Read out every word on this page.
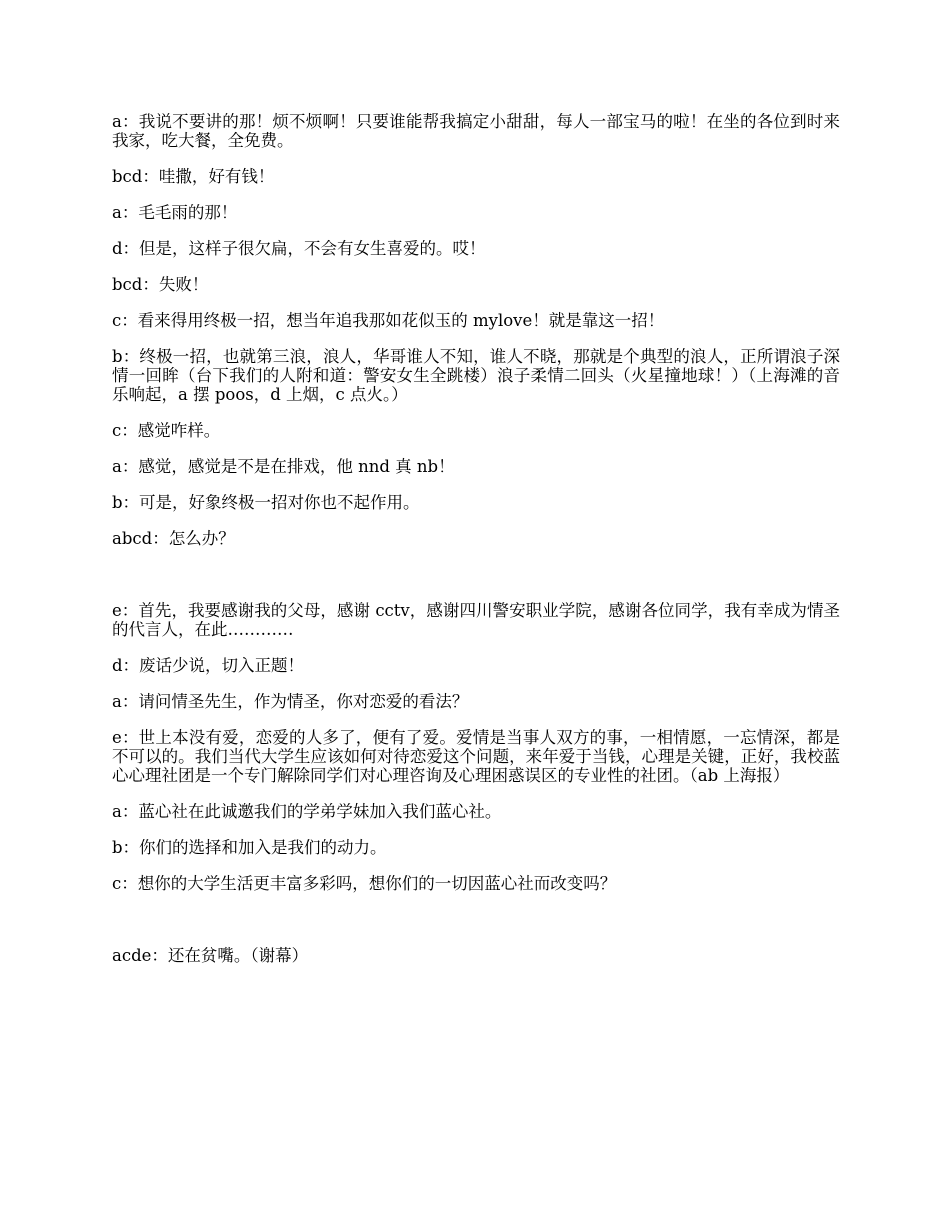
a：我说不要讲的那！烦不烦啊！只要谁能帮我搞定小甜甜，每人一部宝马的啦！在坐的各位到时来我家，吃大餐，全免费。

bcd：哇撒，好有钱！

a：毛毛雨的那！

d：但是，这样子很欠扁，不会有女生喜爱的。哎！

bcd：失败！

c：看来得用终极一招，想当年追我那如花似玉的 mylove！就是靠这一招！

b：终极一招，也就第三浪，浪人，华哥谁人不知，谁人不晓，那就是个典型的浪人，正所谓浪子深情一回眸（台下我们的人附和道：警安女生全跳楼）浪子柔情二回头（火星撞地球！）（上海滩的音乐响起，a 摆 poos，d 上烟，c 点火。）

c：感觉咋样。

a：感觉，感觉是不是在排戏，他 nnd 真 nb！

b：可是，好象终极一招对你也不起作用。

abcd：怎么办？

e：首先，我要感谢我的父母，感谢 cctv，感谢四川警安职业学院，感谢各位同学，我有幸成为情圣的代言人，在此…………

d：废话少说，切入正题！

a：请问情圣先生，作为情圣，你对恋爱的看法？

e：世上本没有爱，恋爱的人多了，便有了爱。爱情是当事人双方的事，一相情愿，一忘情深，都是不可以的。我们当代大学生应该如何对待恋爱这个问题，来年爱于当钱，心理是关键，正好，我校蓝心心理社团是一个专门解除同学们对心理咨询及心理困惑误区的专业性的社团。（ab 上海报）

a：蓝心社在此诚邀我们的学弟学妹加入我们蓝心社。

b：你们的选择和加入是我们的动力。

c：想你的大学生活更丰富多彩吗，想你们的一切因蓝心社而改变吗？

acde：还在贫嘴。（谢幕）
